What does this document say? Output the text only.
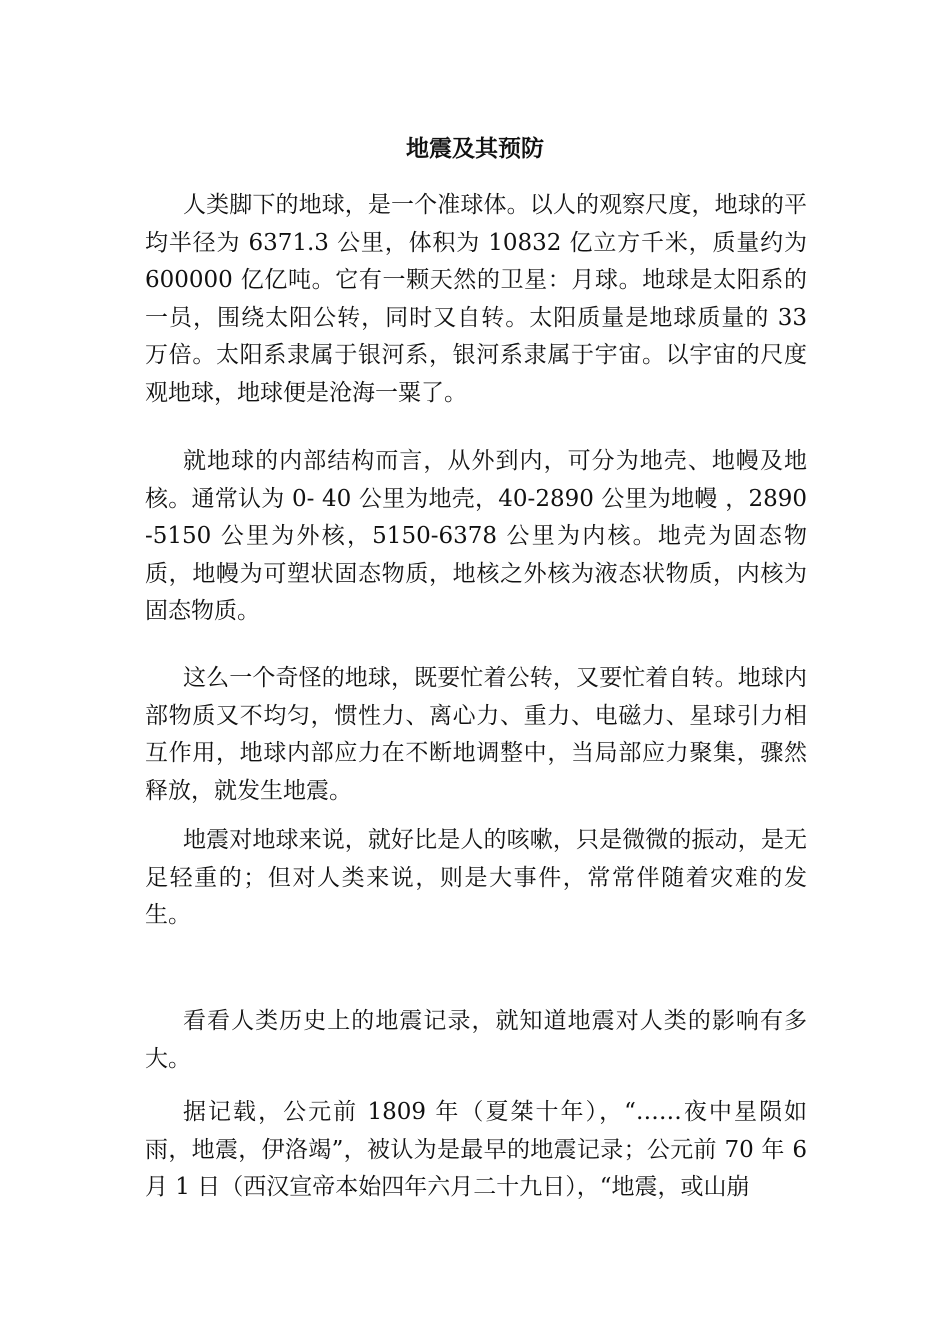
地震及其预防

人类脚下的地球，是一个准球体。以人的观察尺度，地球的平均半径为 6371.3 公里，体积为 10832 亿立方千米，质量约为 600000 亿亿吨。它有一颗天然的卫星：月球。地球是太阳系的一员，围绕太阳公转，同时又自转。太阳质量是地球质量的 33 万倍。太阳系隶属于银河系，银河系隶属于宇宙。以宇宙的尺度观地球，地球便是沧海一粟了。

就地球的内部结构而言，从外到内，可分为地壳、地幔及地核。通常认为 0- 40 公里为地壳，40-2890 公里为地幔 ，2890-5150 公里为外核，5150-6378 公里为内核。地壳为固态物质，地幔为可塑状固态物质，地核之外核为液态状物质，内核为固态物质。

这么一个奇怪的地球，既要忙着公转，又要忙着自转。地球内部物质又不均匀，惯性力、离心力、重力、电磁力、星球引力相互作用，地球内部应力在不断地调整中，当局部应力聚集，骤然释放，就发生地震。

地震对地球来说，就好比是人的咳嗽，只是微微的振动，是无足轻重的；但对人类来说，则是大事件，常常伴随着灾难的发生。

看看人类历史上的地震记录，就知道地震对人类的影响有多大。

据记载，公元前 1809 年（夏桀十年），“……夜中星陨如雨，地震，伊洛竭”，被认为是最早的地震记录；公元前 70 年 6 月 1 日（西汉宣帝本始四年六月二十九日），“地震，或山崩
